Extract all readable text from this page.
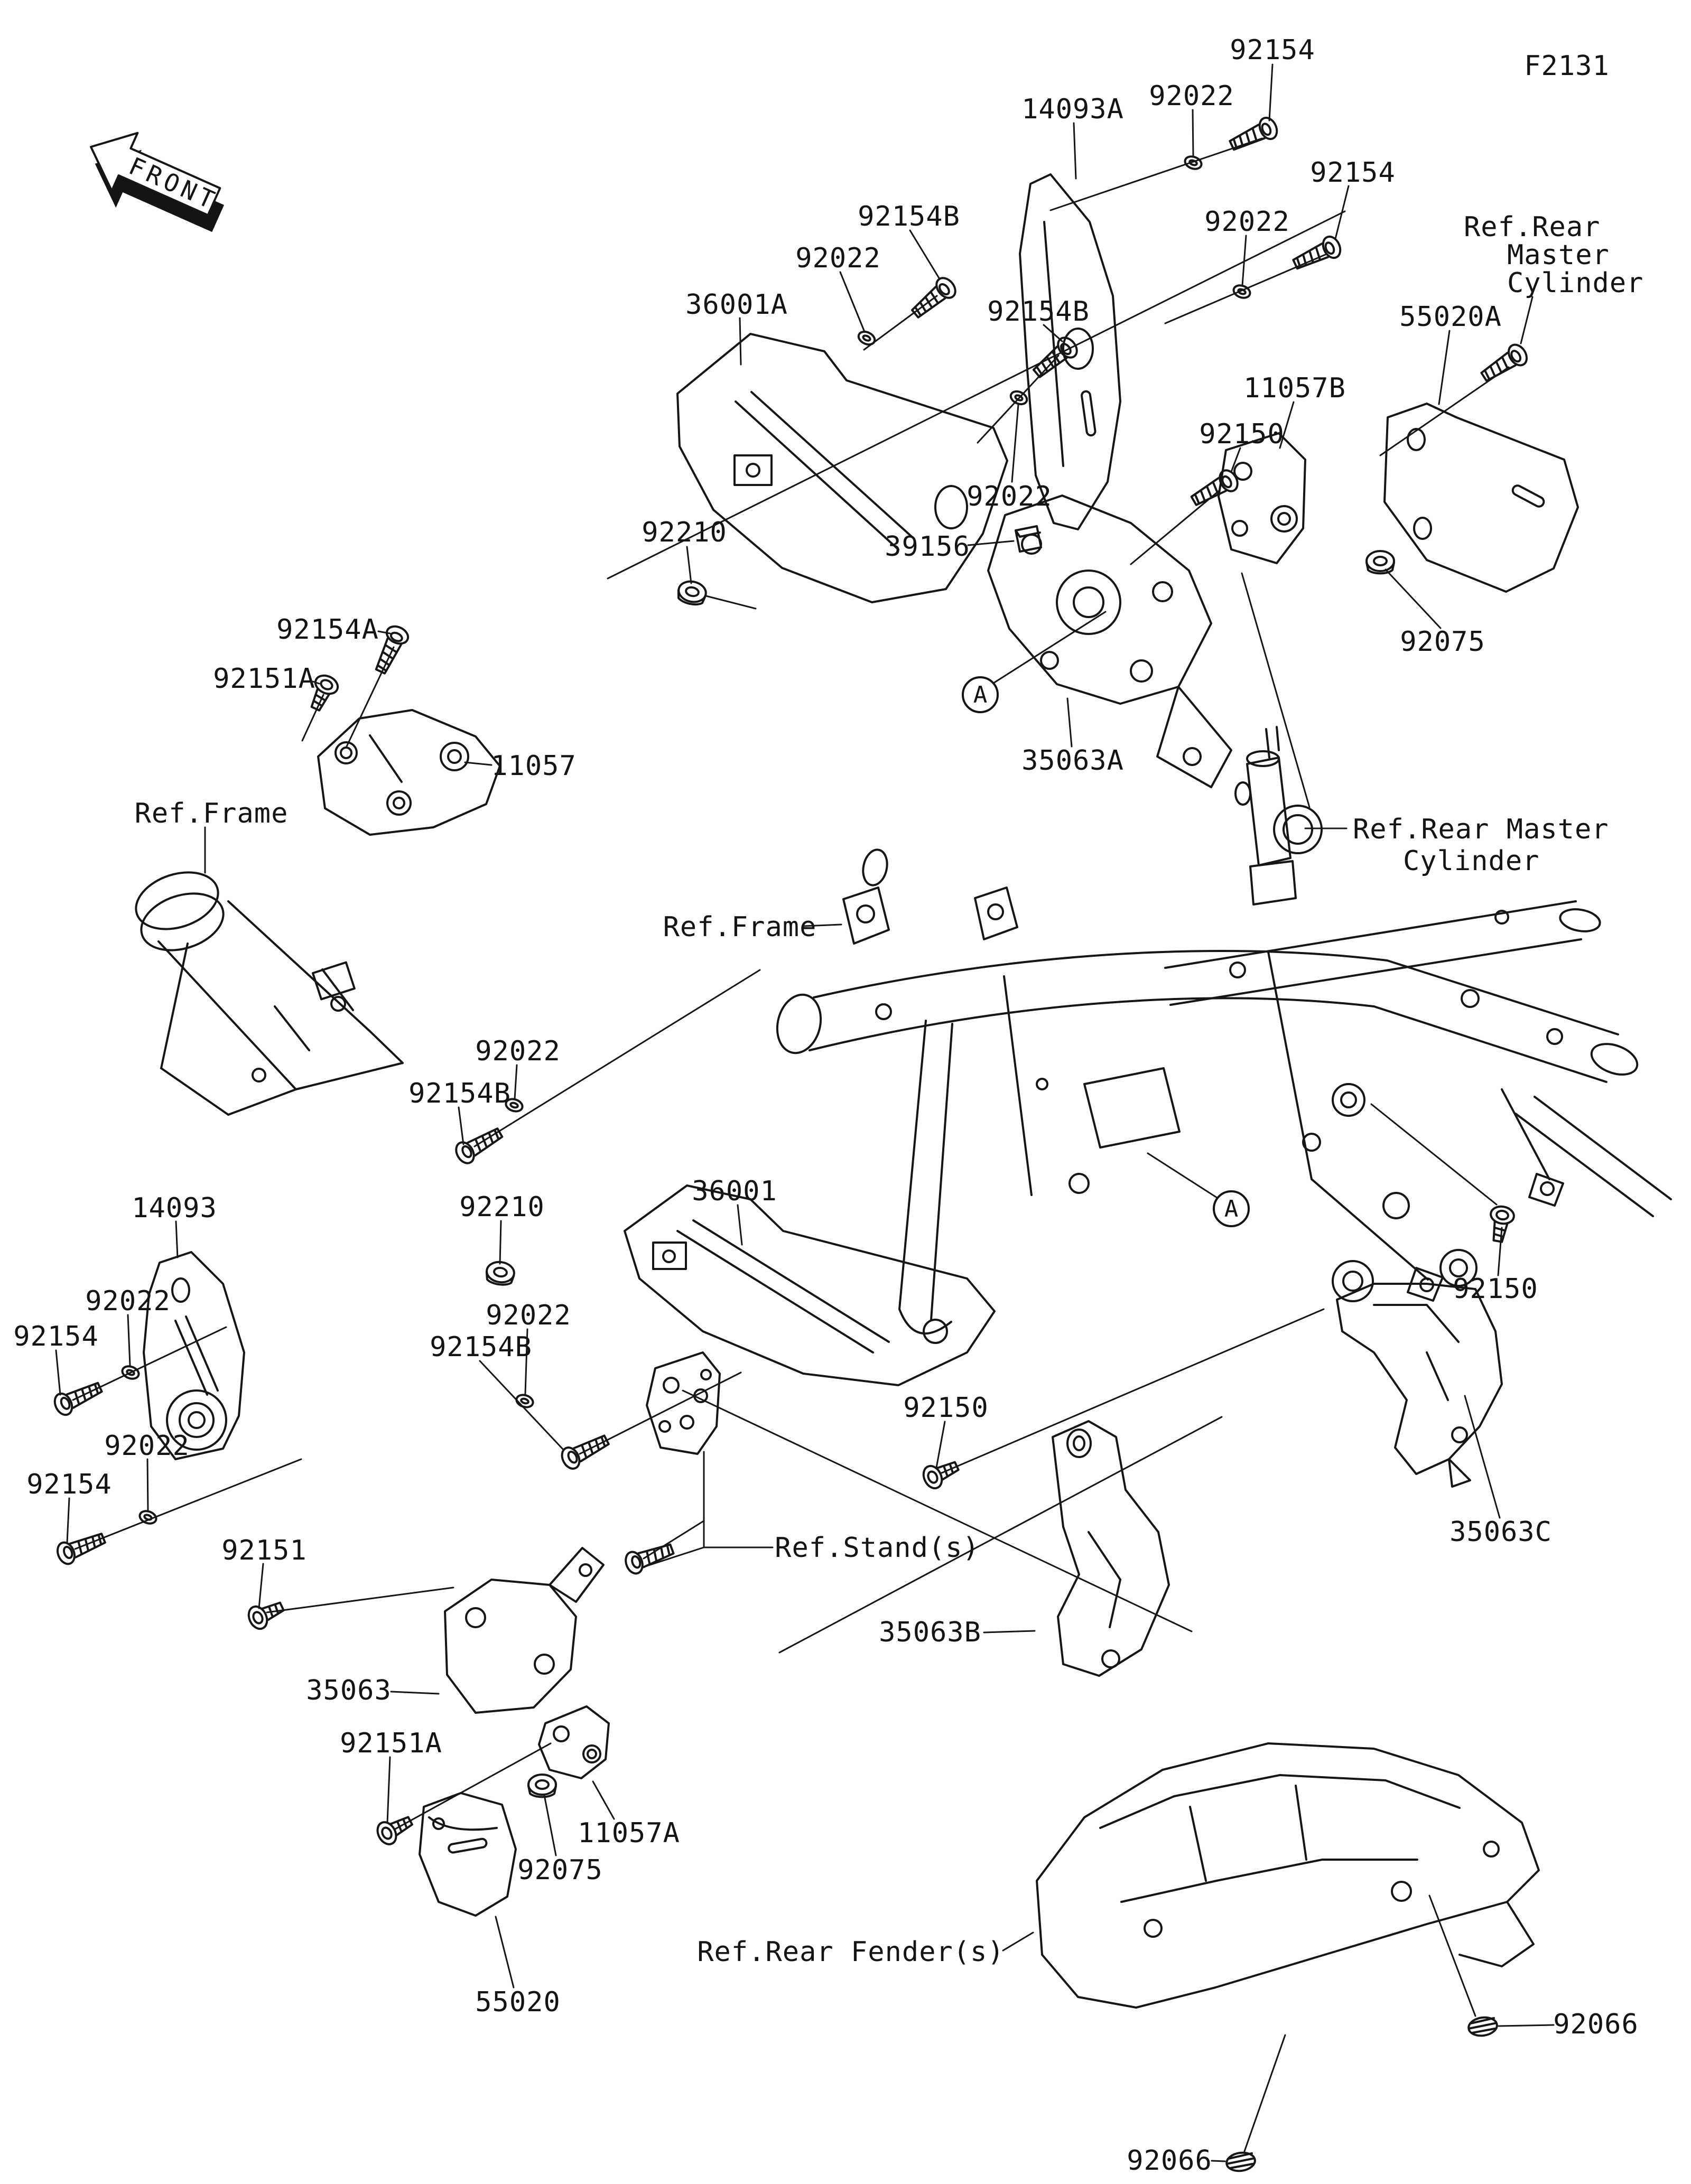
FRONT
F2131
92154
92022
14093A
92154
92022	Ref.Rear
Master
Cylinder
55020A
11057B
92150
92075
92154B
92022
36001A	92154B
92022
39156
92210
35063A
A
Ref.Rear Master
Cylinder
92154A
92151A
11057
Ref.Frame
Ref.Frame
92022
92154B
92210	36001
92022
92154B
14093
92022
92154
92022
92154
92151
35063
92151A
11057A
92075
55020
Ref.Stand(s)
35063B
92150
A
92150
35063C
Ref.Rear Fender(s)
92066
92066
